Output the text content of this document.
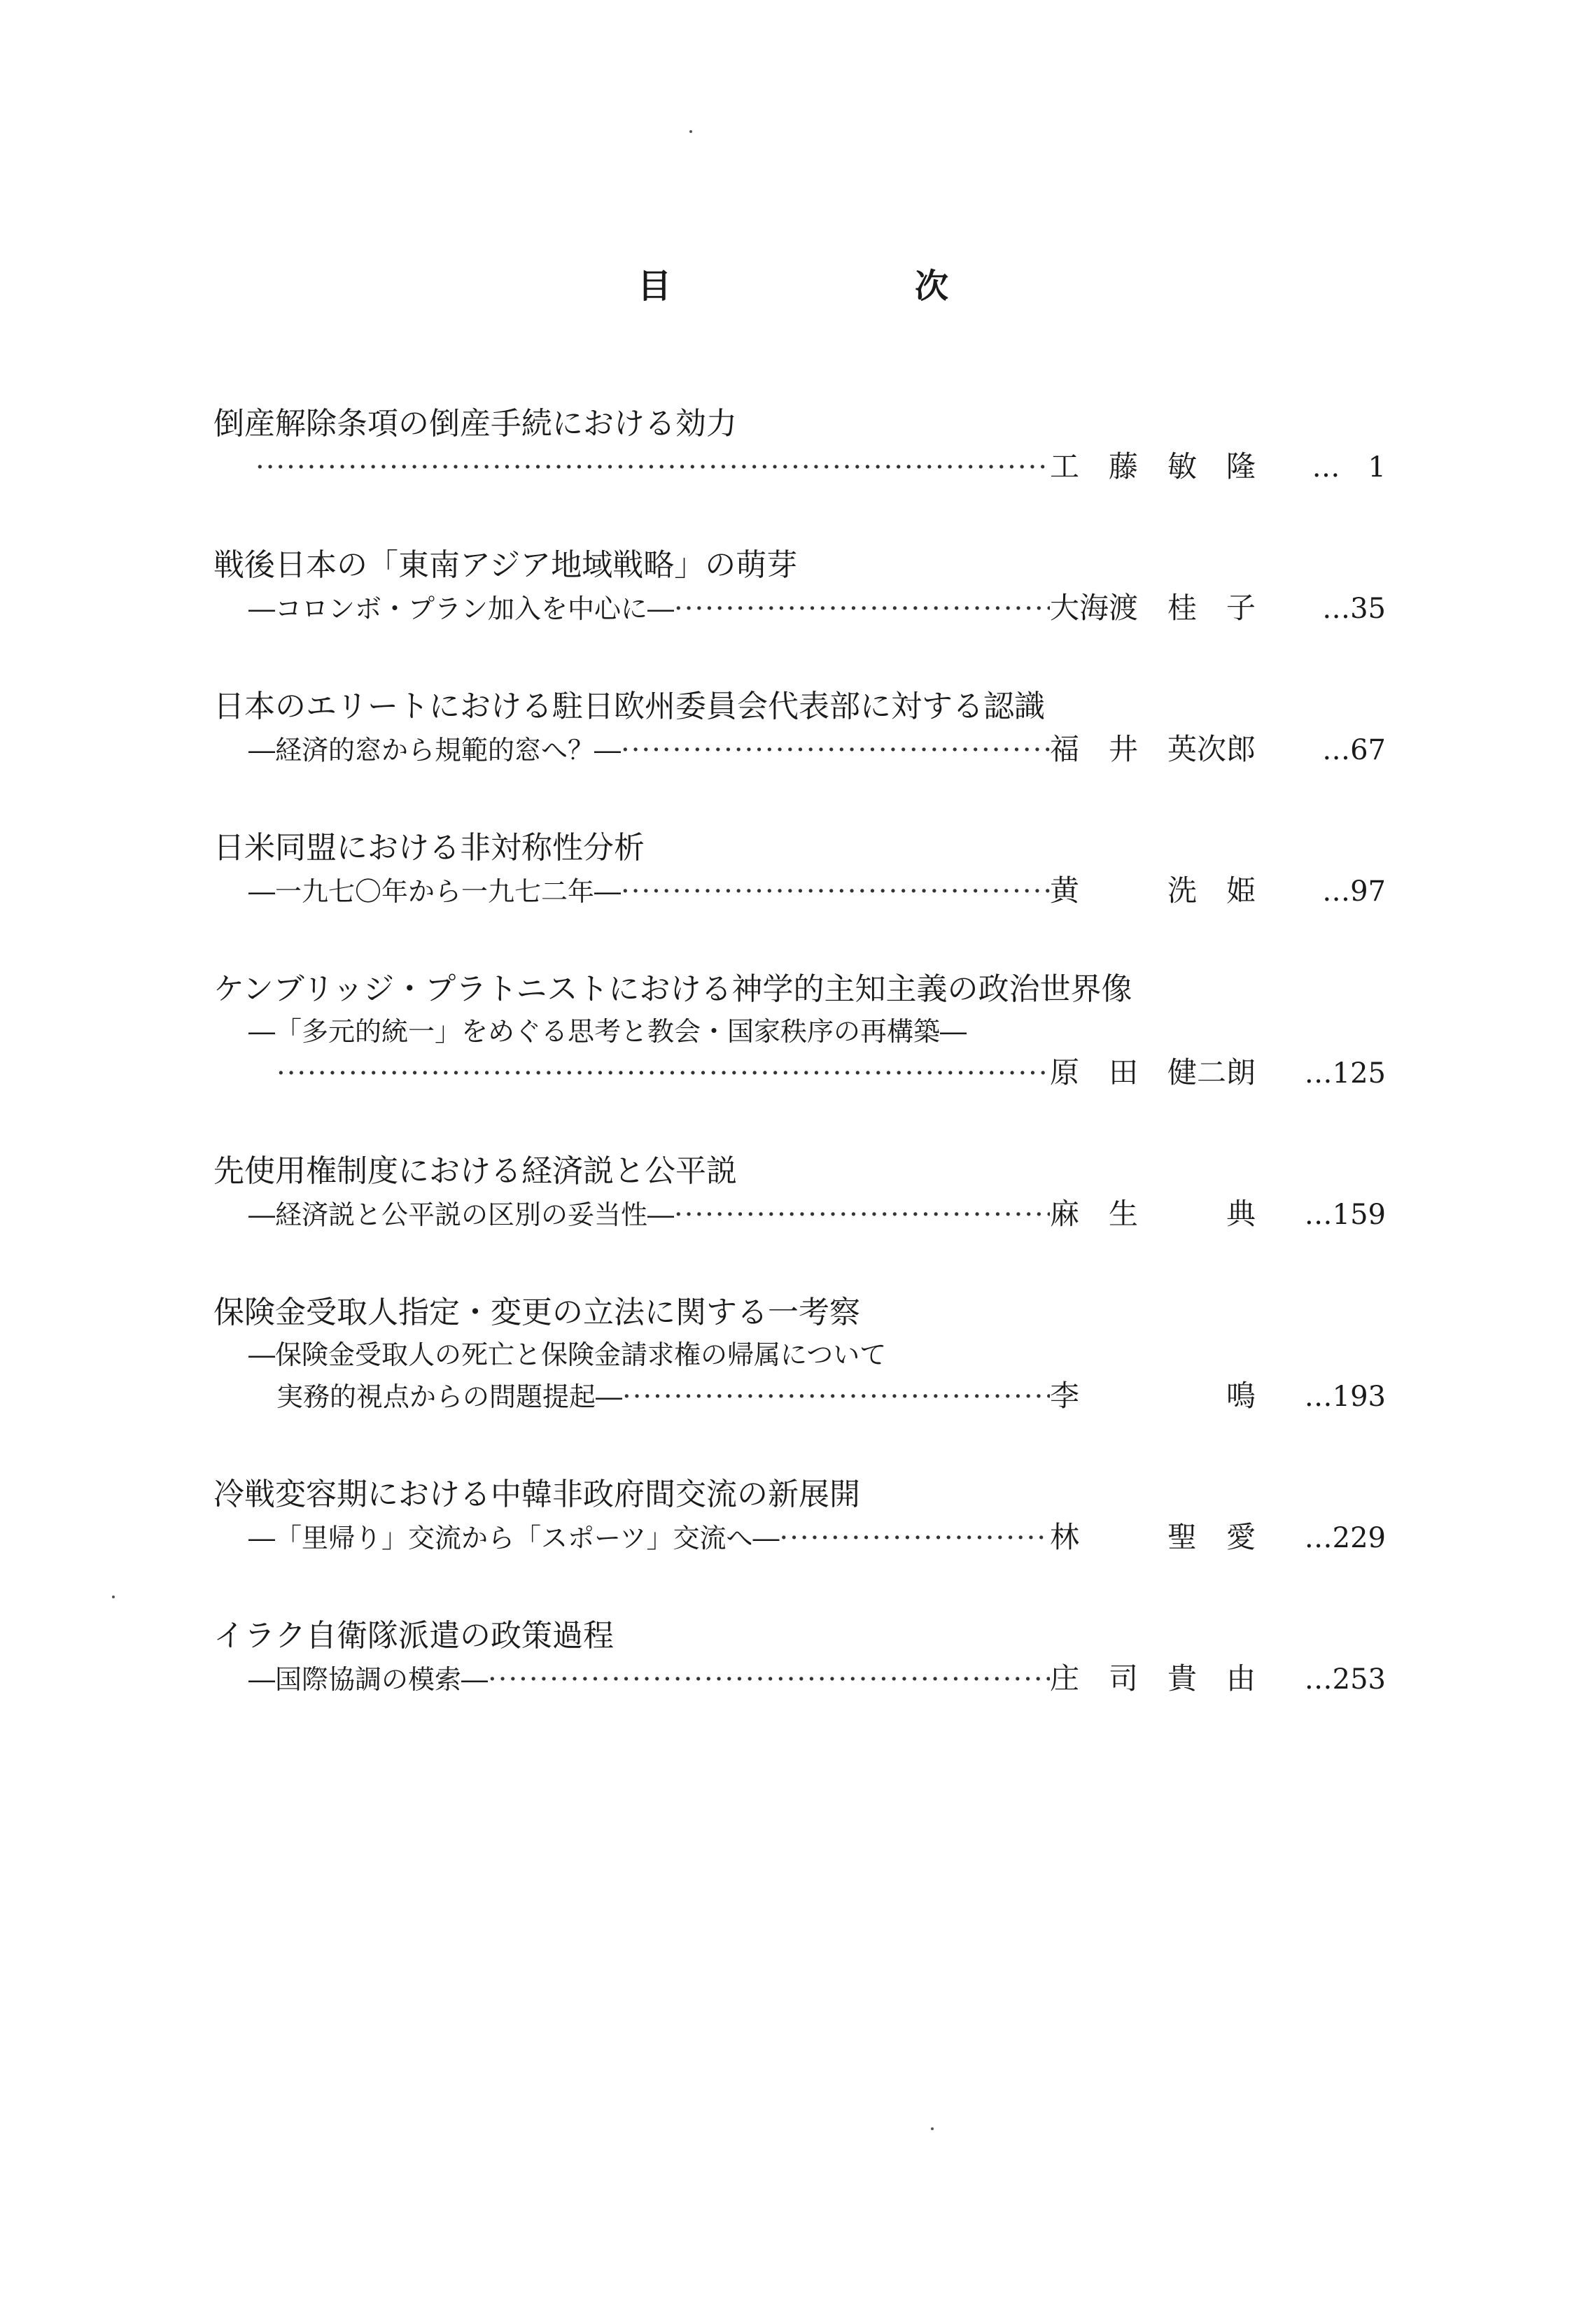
目　次
倒産解除条項の倒産手続における効力
·····
工　藤　敏　隆	…　1
戦後日本の「東南アジア地域戦略」の萌芽
―コロンボ・プラン加入を中心に― ·····	大海渡　桂　子	…35
日本のエリートにおける駐日欧州委員会代表部に対する認識
―経済的窓から規範的窓へ？― ·····	福　井　英次郎	…67
日米同盟における非対称性分析
―一九七〇年から一九七二年― ·····	黄　　　洗　姫	…97
ケンブリッジ・プラトニストにおける神学的主知主義の政治世界像
―「多元的統一」をめぐる思考と教会・国家秩序の再構築―
·····
原　田　健二朗	…125
先使用権制度における経済説と公平説
―経済説と公平説の区別の妥当性― ·····	麻　生　　　典	…159
保険金受取人指定・変更の立法に関する一考察
―保険金受取人の死亡と保険金請求権の帰属について
実務的視点からの問題提起― ·····	李　　　　　鳴	…193
冷戦変容期における中韓非政府間交流の新展開
―「里帰り」交流から「スポーツ」交流へ― ·····	林　　　聖　愛	…229
イラク自衛隊派遣の政策過程
―国際協調の模索― ·····	庄　司　貴　由	…253
